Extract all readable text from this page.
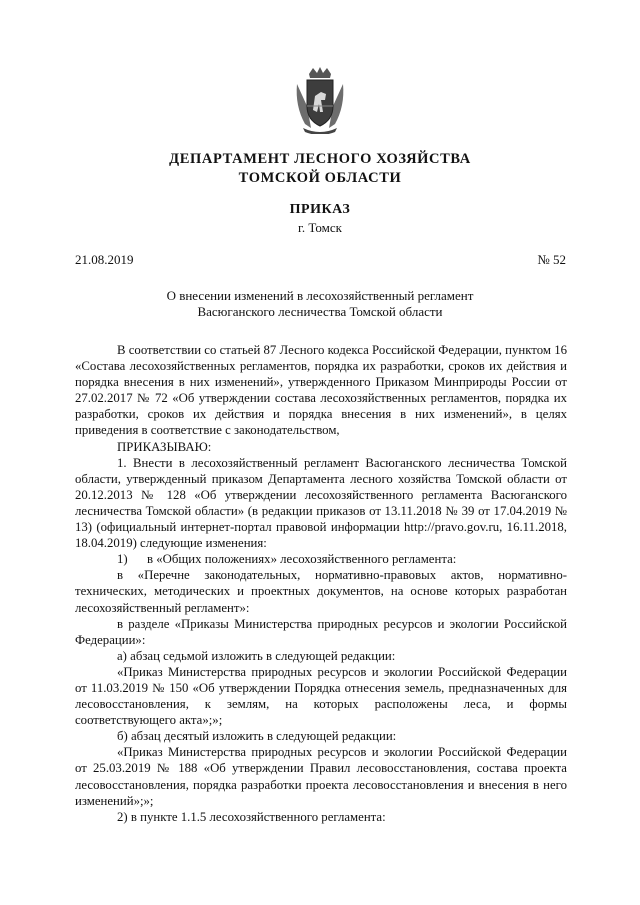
ДЕПАРТАМЕНТ ЛЕСНОГО ХОЗЯЙСТВА
ТОМСКОЙ ОБЛАСТИ
ПРИКАЗ
г. Томск
21.08.2019	№ 52
О внесении изменений в лесохозяйственный регламент
Васюганского лесничества Томской области

В соответствии со статьей 87 Лесного кодекса Российской Федерации, пунктом 16 «Состава лесохозяйственных регламентов, порядка их разработки, сроков их действия и порядка внесения в них изменений», утвержденного Приказом Минприроды России от 27.02.2017 № 72 «Об утверждении состава лесохозяйственных регламентов, порядка их разработки, сроков их действия и порядка внесения в них изменений», в целях приведения в соответствие с законодательством,

ПРИКАЗЫВАЮ:

1. Внести в лесохозяйственный регламент Васюганского лесничества Томской области, утвержденный приказом Департамента лесного хозяйства Томской области от 20.12.2013 № 128 «Об утверждении лесохозяйственного регламента Васюганского лесничества Томской области» (в редакции приказов от 13.11.2018 № 39 от 17.04.2019 № 13) (официальный интернет-портал правовой информации http://pravo.gov.ru, 16.11.2018, 18.04.2019) следующие изменения:

1) в «Общих положениях» лесохозяйственного регламента:

в «Перечне законодательных, нормативно-правовых актов, нормативно-технических, методических и проектных документов, на основе которых разработан лесохозяйственный регламент»:

в разделе «Приказы Министерства природных ресурсов и экологии Российской Федерации»:

а) абзац седьмой изложить в следующей редакции:

«Приказ Министерства природных ресурсов и экологии Российской Федерации от 11.03.2019 № 150 «Об утверждении Порядка отнесения земель, предназначенных для лесовосстановления, к землям, на которых расположены леса, и формы соответствующего акта»;»;

б) абзац десятый изложить в следующей редакции:

«Приказ Министерства природных ресурсов и экологии Российской Федерации от 25.03.2019 № 188 «Об утверждении Правил лесовосстановления, состава проекта лесовосстановления, порядка разработки проекта лесовосстановления и внесения в него изменений»;»;

2) в пункте 1.1.5 лесохозяйственного регламента:
